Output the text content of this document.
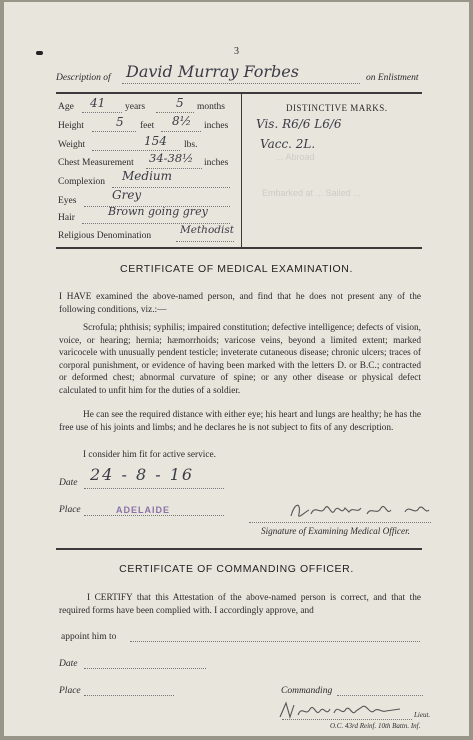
... Abroad
Embarked at ... Sailed ...
3
Description of David Murray Forbes	on Enlistment
Age 41 years	5 months
Height	5 feet 8½ inches
Weight	154 lbs.
Chest Measurement 34-38½ inches
Complexion Medium
Eyes	Grey
Hair	Brown going grey
Religious Denomination	Methodist
DISTINCTIVE MARKS.
Vis. R6/6 L6/6
Vacc. 2L.
CERTIFICATE OF MEDICAL EXAMINATION.
I HAVE examined the above-named person, and find that he does not present any of the following conditions, viz.:—
Scrofula; phthisis; syphilis; impaired constitution; defective intelligence; defects of vision, voice, or hearing; hernia; hæmorrhoids; varicose veins, beyond a limited extent; marked varicocele with unusually pendent testicle; inveterate cutaneous disease; chronic ulcers; traces of corporal punishment, or evidence of having been marked with the letters D. or B.C.; contracted or deformed chest; abnormal curvature of spine; or any other disease or physical defect calculated to unfit him for the duties of a soldier.
He can see the required distance with either eye; his heart and lungs are healthy; he has the free use of his joints and limbs; and he declares he is not subject to fits of any description.
I consider him fit for active service.
Date 24 - 8 - 16
Place	ADELAIDE
Signature of Examining Medical Officer.
CERTIFICATE OF COMMANDING OFFICER.
I CERTIFY that this Attestation of the above-named person is correct, and that the required forms have been complied with. I accordingly approve, and
appoint him to
Date
Place	Commanding
Lieut.
O.C. 43rd Reinf. 10th Battn. Inf.
